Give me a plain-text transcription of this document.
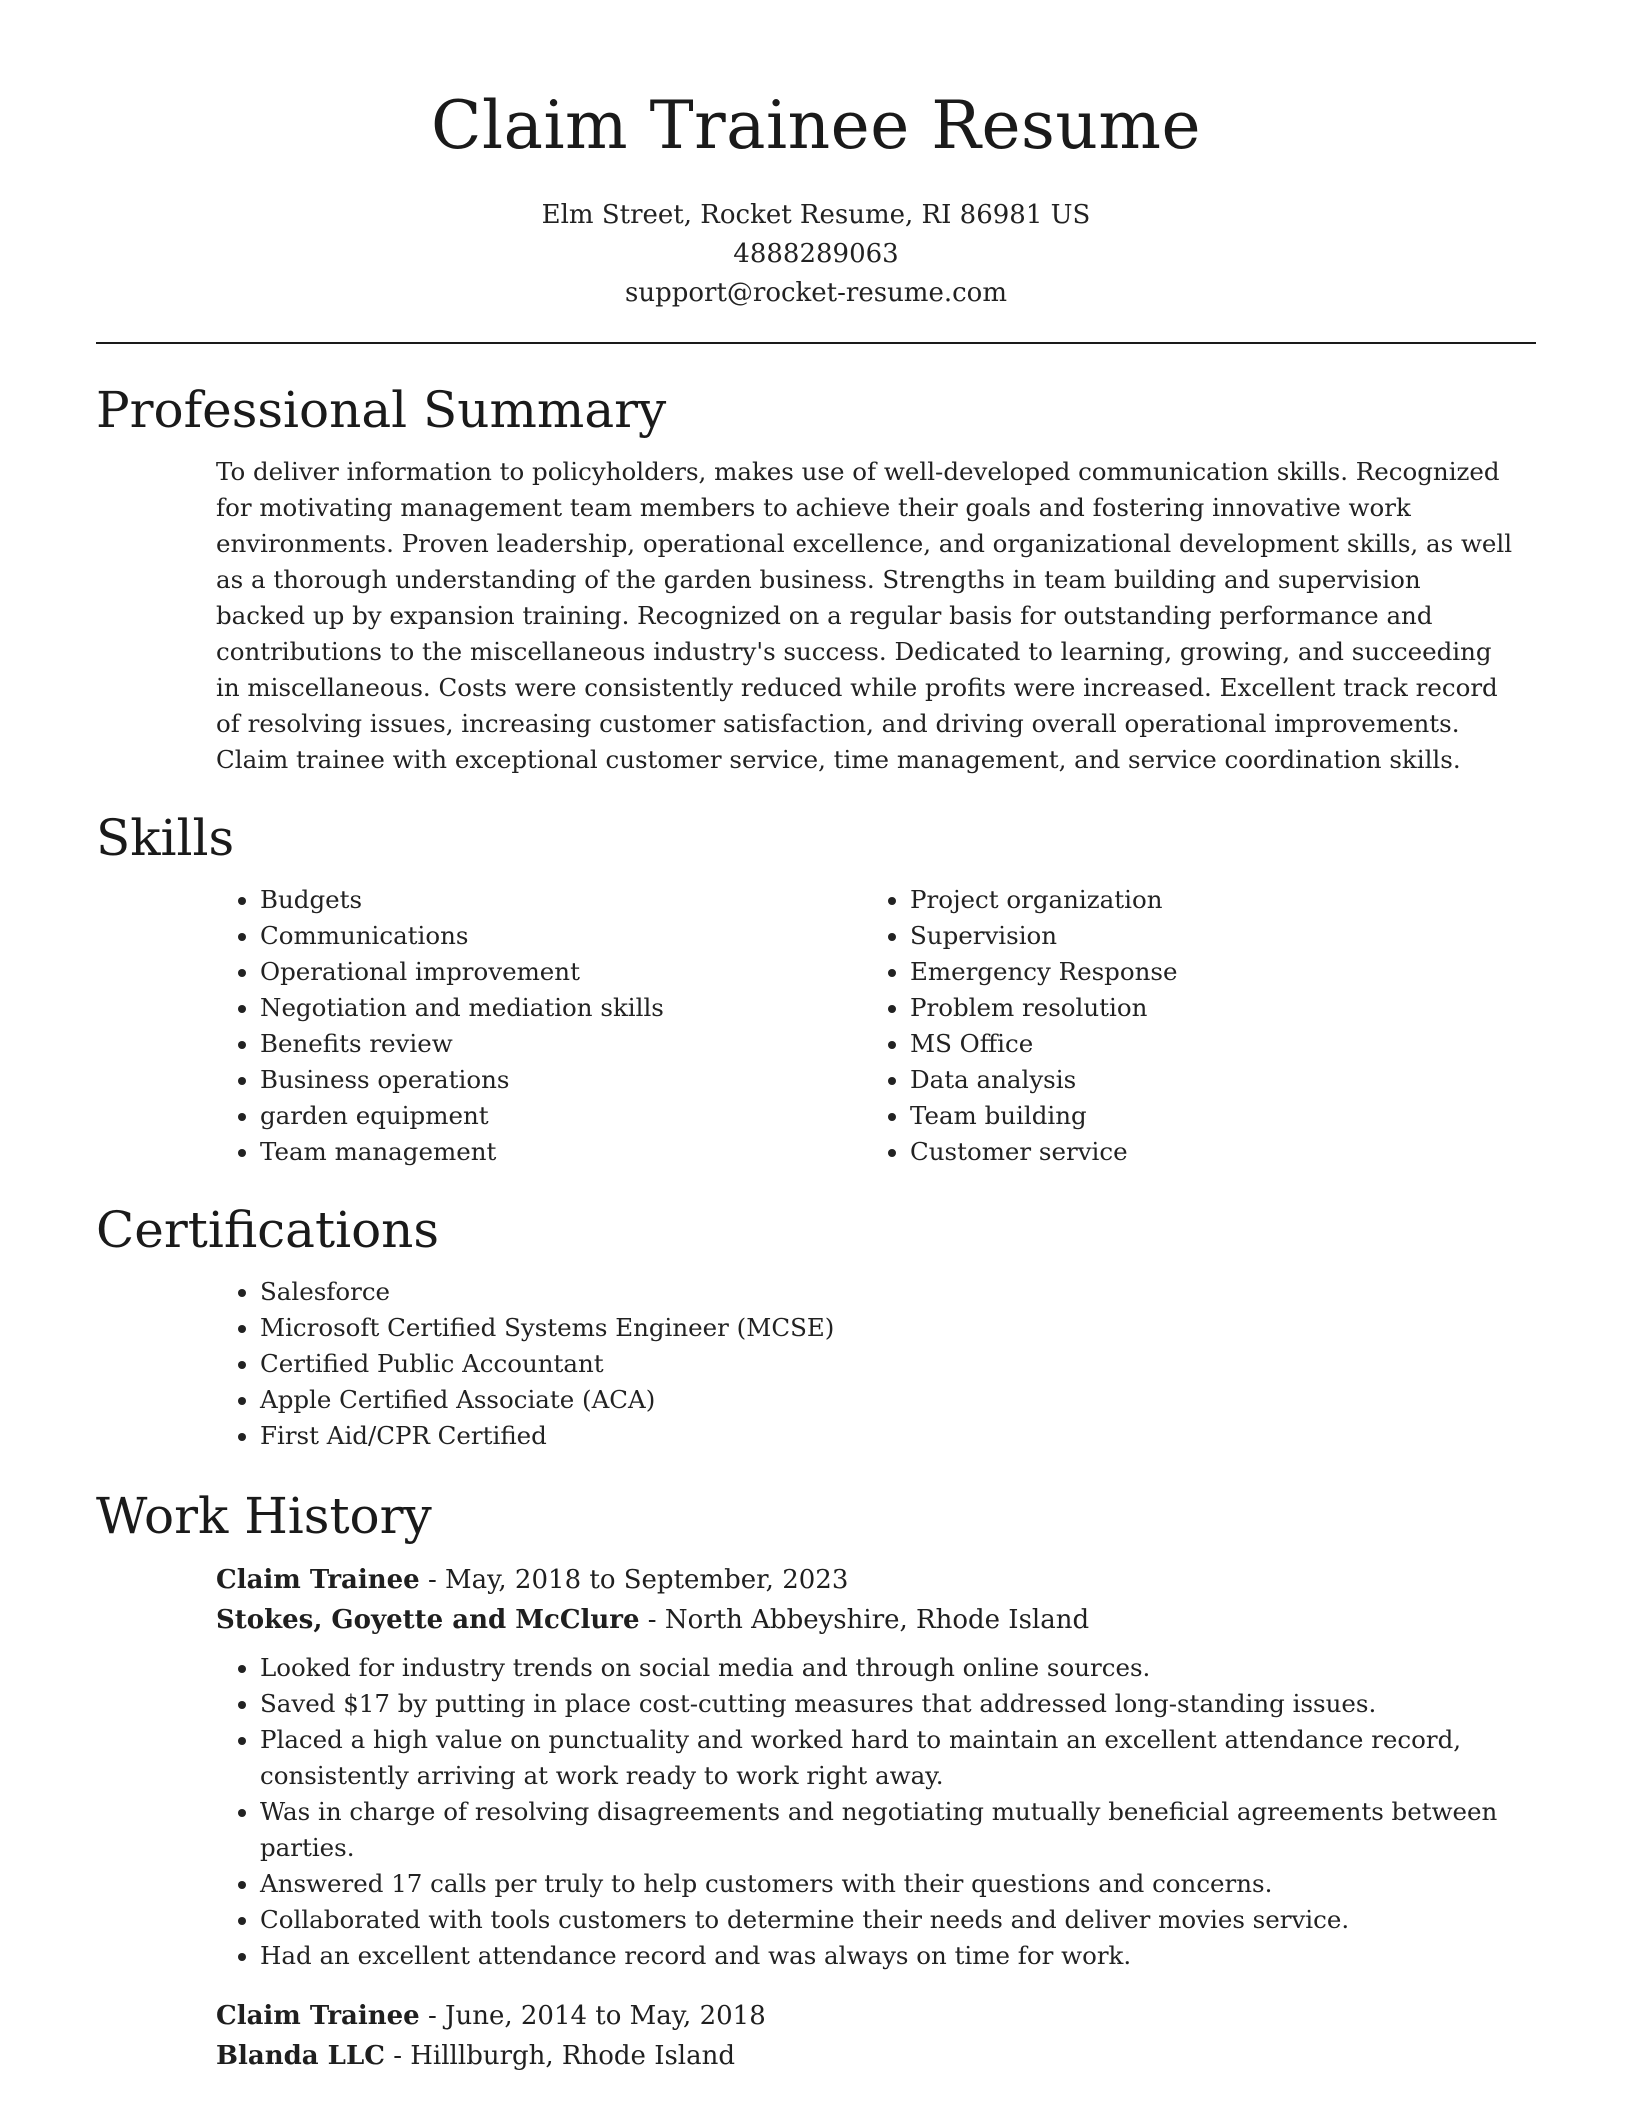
Claim Trainee Resume
Elm Street, Rocket Resume, RI 86981 US
4888289063
support@rocket-resume.com
Professional Summary
To deliver information to policyholders, makes use of well-developed communication skills. Recognized for motivating management team members to achieve their goals and fostering innovative work environments. Proven leadership, operational excellence, and organizational development skills, as well as a thorough understanding of the garden business. Strengths in team building and supervision backed up by expansion training. Recognized on a regular basis for outstanding performance and contributions to the miscellaneous industry's success. Dedicated to learning, growing, and succeeding in miscellaneous. Costs were consistently reduced while profits were increased. Excellent track record of resolving issues, increasing customer satisfaction, and driving overall operational improvements. Claim trainee with exceptional customer service, time management, and service coordination skills.
Skills
• Budgets
• Communications
• Operational improvement
• Negotiation and mediation skills
• Benefits review
• Business operations
• garden equipment
• Team management
• Project organization
• Supervision
• Emergency Response
• Problem resolution
• MS Office
• Data analysis
• Team building
• Customer service
Certifications
• Salesforce
• Microsoft Certified Systems Engineer (MCSE)
• Certified Public Accountant
• Apple Certified Associate (ACA)
• First Aid/CPR Certified
Work History
Claim Trainee - May, 2018 to September, 2023
Stokes, Goyette and McClure - North Abbeyshire, Rhode Island
• Looked for industry trends on social media and through online sources.
• Saved $17 by putting in place cost-cutting measures that addressed long-standing issues.
• Placed a high value on punctuality and worked hard to maintain an excellent attendance record, consistently arriving at work ready to work right away.
• Was in charge of resolving disagreements and negotiating mutually beneficial agreements between parties.
• Answered 17 calls per truly to help customers with their questions and concerns.
• Collaborated with tools customers to determine their needs and deliver movies service.
• Had an excellent attendance record and was always on time for work.
Claim Trainee - June, 2014 to May, 2018
Blanda LLC - Hilllburgh, Rhode Island
